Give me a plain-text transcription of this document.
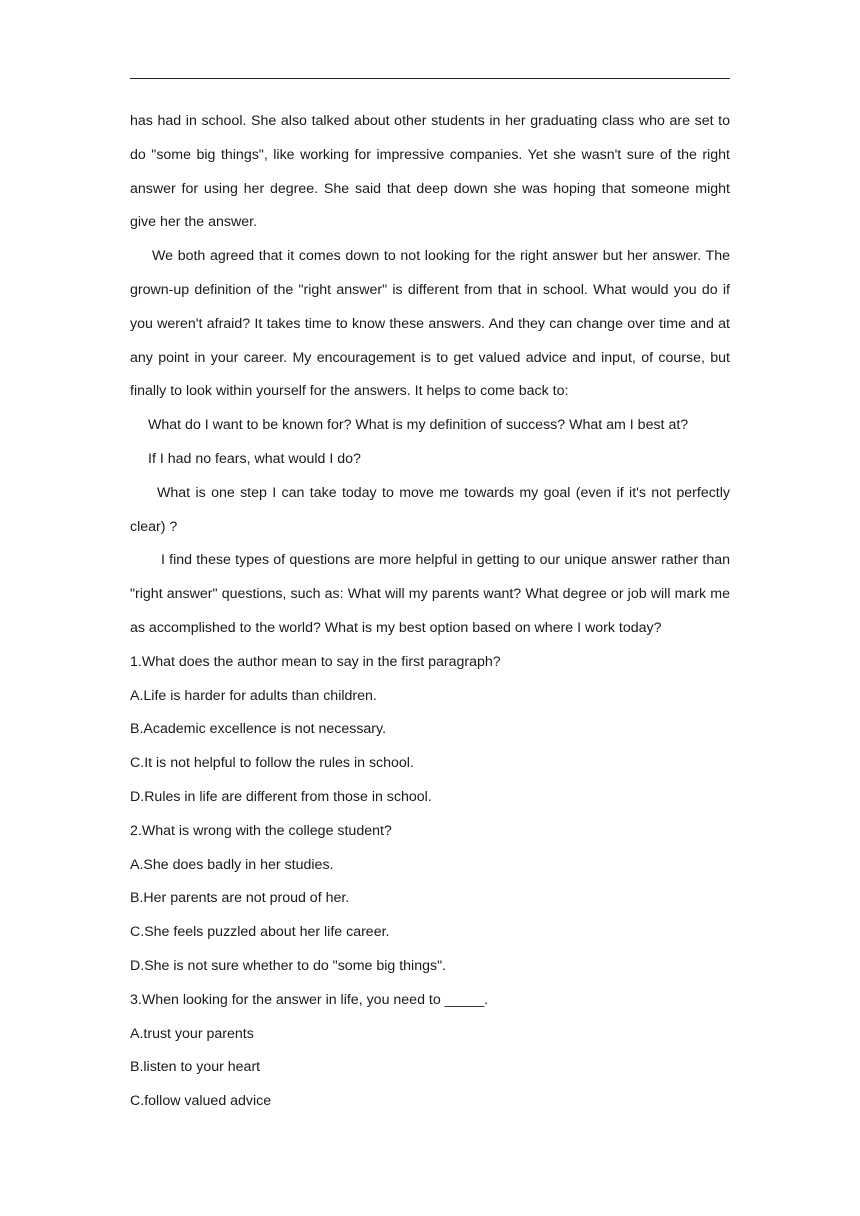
has had in school. She also talked about other students in her graduating class who are set to do "some big things", like working for impressive companies. Yet she wasn't sure of the right answer for using her degree. She said that deep down she was hoping that someone might give her the answer.

We both agreed that it comes down to not looking for the right answer but her answer. The grown-up definition of the "right answer" is different from that in school. What would you do if you weren't afraid? It takes time to know these answers. And they can change over time and at any point in your career. My encouragement is to get valued advice and input, of course, but finally to look within yourself for the answers. It helps to come back to:

What do I want to be known for? What is my definition of success? What am I best at?

If I had no fears, what would I do?

What is one step I can take today to move me towards my goal (even if it's not perfectly clear) ?

I find these types of questions are more helpful in getting to our unique answer rather than "right answer" questions, such as: What will my parents want? What degree or job will mark me as accomplished to the world? What is my best option based on where I work today?

1.What does the author mean to say in the first paragraph?

A.Life is harder for adults than children.

B.Academic excellence is not necessary.

C.It is not helpful to follow the rules in school.

D.Rules in life are different from those in school.

2.What is wrong with the college student?

A.She does badly in her studies.

B.Her parents are not proud of her.

C.She feels puzzled about her life career.

D.She is not sure whether to do "some big things".

3.When looking for the answer in life, you need to _____.

A.trust your parents

B.listen to your heart

C.follow valued advice
